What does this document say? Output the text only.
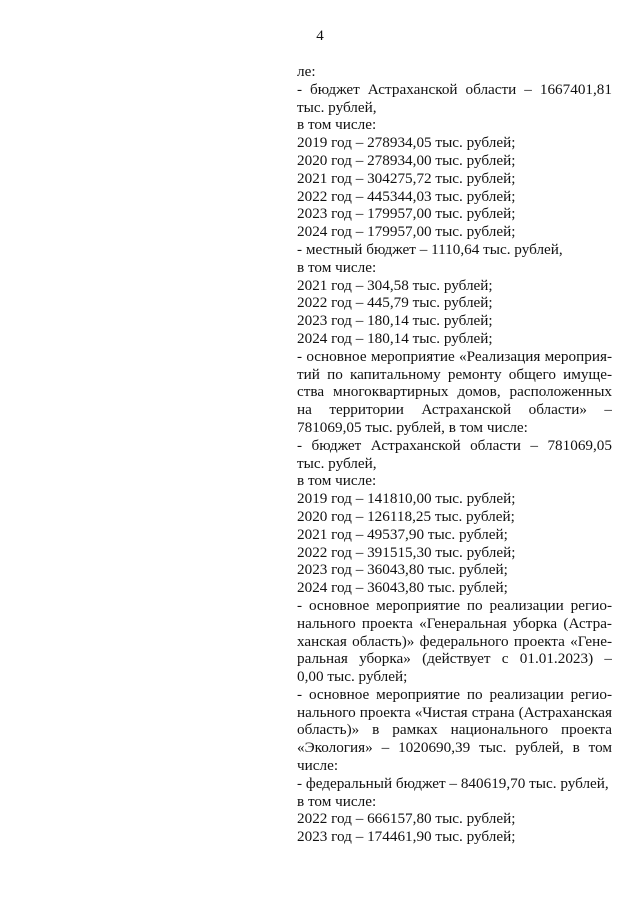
4
ле:
- бюджет Астраханской области – 1667401,81
тыс. рублей,
в том числе:
2019 год – 278934,05 тыс. рублей;
2020 год – 278934,00 тыс. рублей;
2021 год – 304275,72 тыс. рублей;
2022 год – 445344,03 тыс. рублей;
2023 год – 179957,00 тыс. рублей;
2024 год – 179957,00 тыс. рублей;
- местный бюджет – 1110,64 тыс. рублей,
в том числе:
2021 год – 304,58 тыс. рублей;
2022 год – 445,79 тыс. рублей;
2023 год – 180,14 тыс. рублей;
2024 год – 180,14 тыс. рублей;
- основное мероприятие «Реализация мероприя-
тий по капитальному ремонту общего имуще-
ства многоквартирных домов, расположенных
на территории Астраханской области» –
781069,05 тыс. рублей, в том числе:
- бюджет Астраханской области – 781069,05
тыс. рублей,
в том числе:
2019 год – 141810,00 тыс. рублей;
2020 год – 126118,25 тыс. рублей;
2021 год – 49537,90 тыс. рублей;
2022 год – 391515,30 тыс. рублей;
2023 год – 36043,80 тыс. рублей;
2024 год – 36043,80 тыс. рублей;
- основное мероприятие по реализации регио-
нального проекта «Генеральная уборка (Астра-
ханская область)» федерального проекта «Гене-
ральная уборка» (действует с 01.01.2023) –
0,00 тыс. рублей;
- основное мероприятие по реализации регио-
нального проекта «Чистая страна (Астраханская
область)» в рамках национального проекта
«Экология» – 1020690,39 тыс. рублей, в том
числе:
- федеральный бюджет – 840619,70 тыс. рублей,
в том числе:
2022 год – 666157,80 тыс. рублей;
2023 год – 174461,90 тыс. рублей;
